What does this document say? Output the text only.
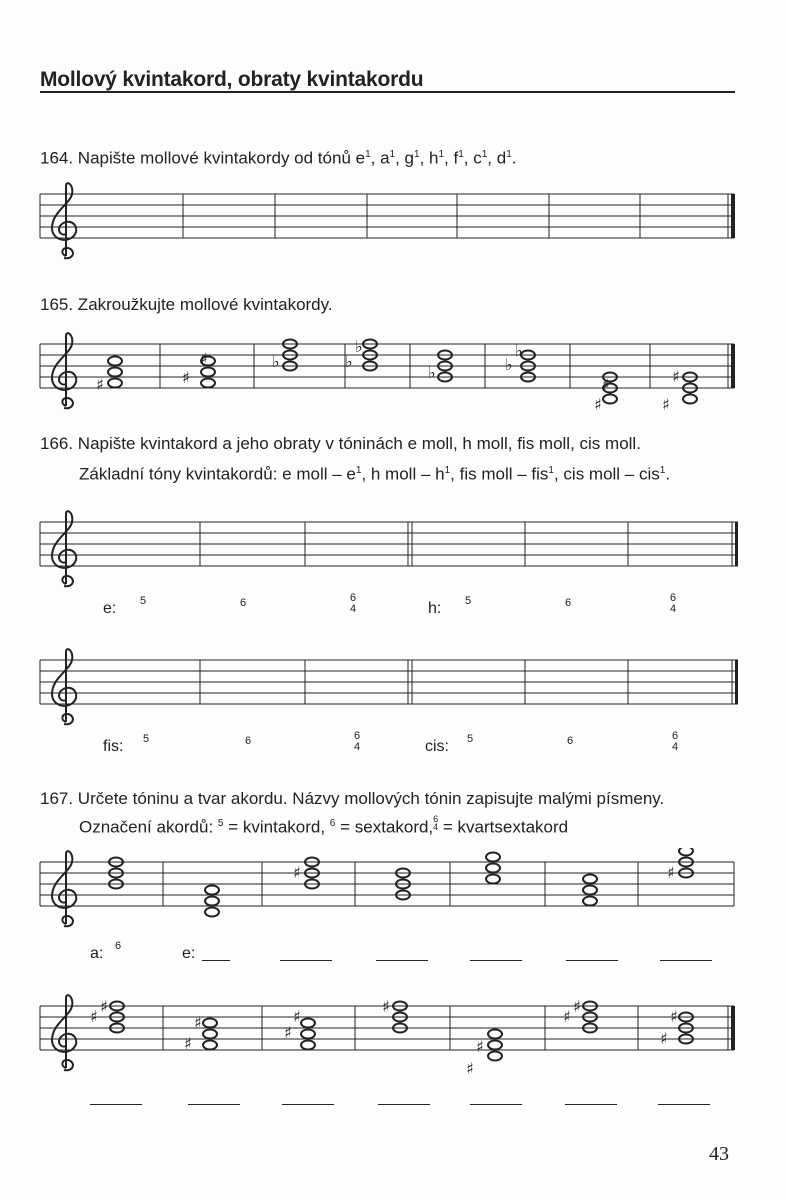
Mollový kvintakord, obraty kvintakordu
164. Napište mollové kvintakordy od tónů $e^1$, $a^1$, $g^1$, $h^1$, $f^1$, $c^1$, $d^1$.
165. Zakroužkujte mollové kvintakordy.
♯	♯
♯	♭	♭
♭
♭	♭
♭
♯
♯
♯
♯
166. Napište kvintakord a jeho obraty v tóninách e moll, h moll, fis moll, cis moll.
Základní tóny kvintakordů: e moll – $e^1$, h moll – $h^1$, fis moll – fis$^1$, cis moll – cis$^1$.
e: 5	6	6
4	h: 5	6	6
4
fis: 5	6	6
4	cis: 5	6	6
4
167. Určete tóninu a tvar akordu. Názvy mollových tónin zapisujte malými písmeny.
Označení akordů: $^5$ = kvintakord, $^6$ = sextakord, 6
4 = kvartsextakord
♯	♯
a: 6	e:
♯
♯
♯
♯
♯
♯
♯
♯
♯
♯
♯
♯
♯
43
